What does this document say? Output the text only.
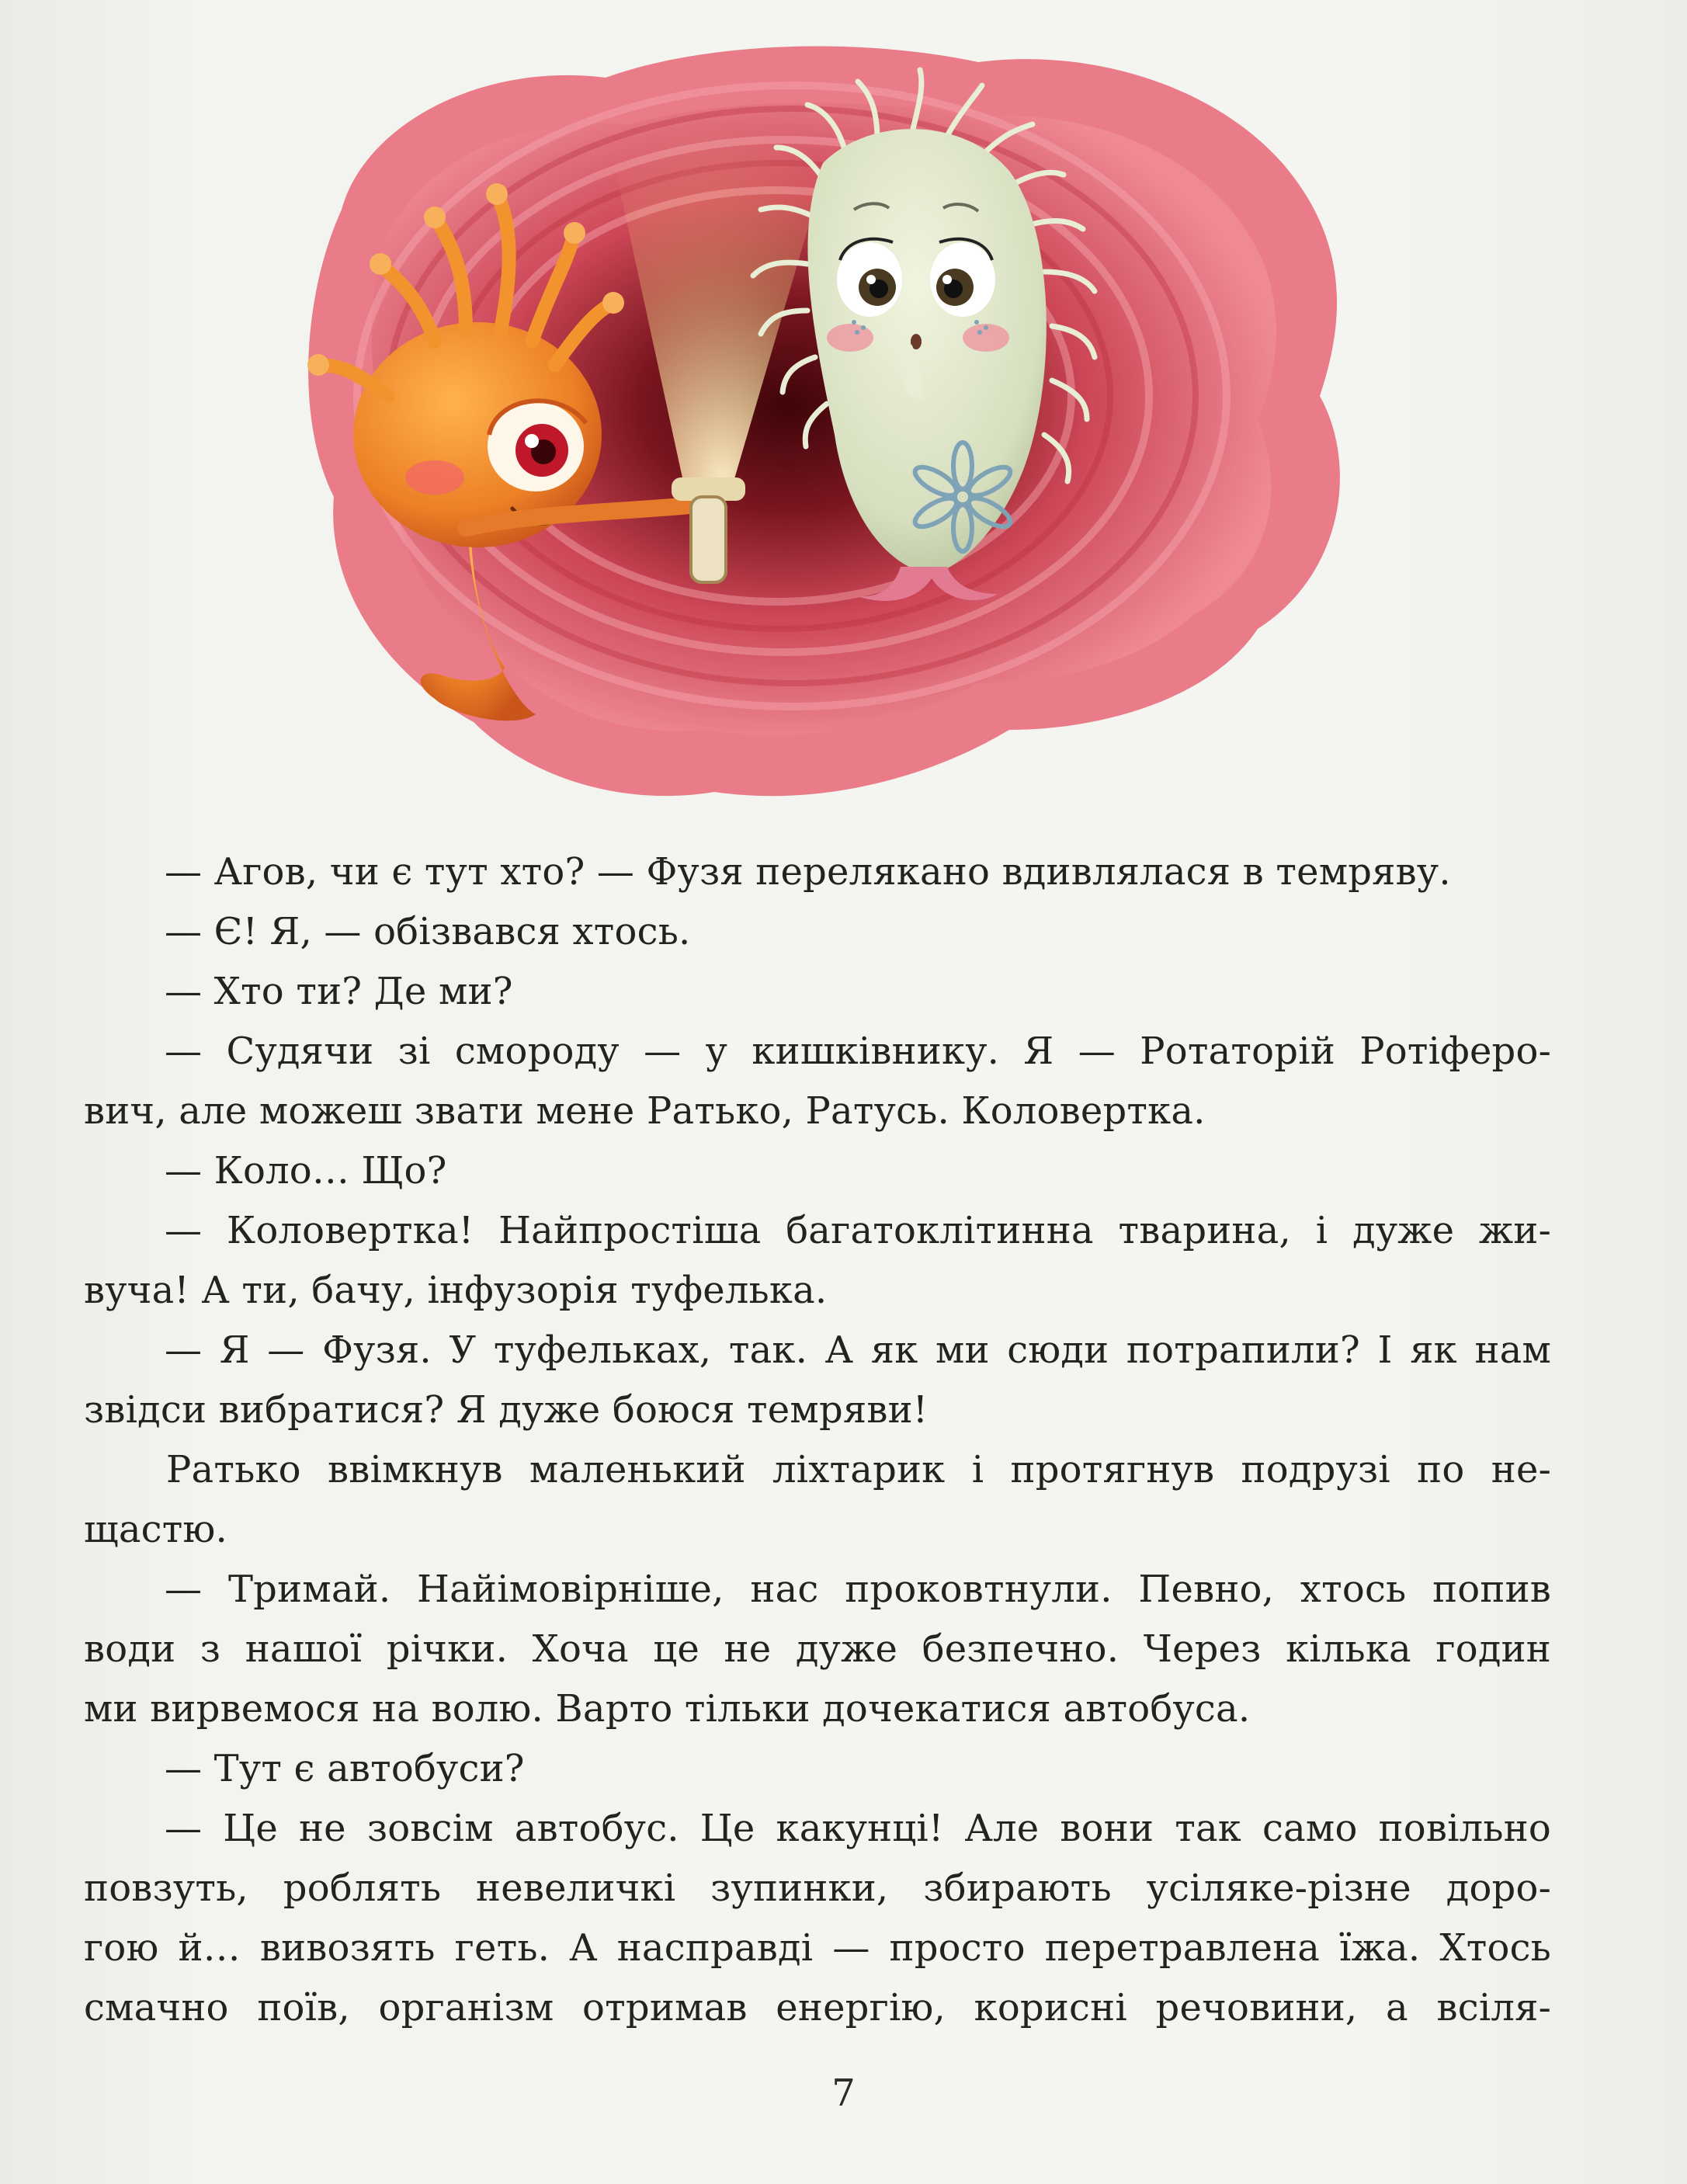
— Агов, чи є тут хто? — Фузя перелякано вдивлялася в темряву.
— Є! Я, — обізвався хтось.
— Хто ти? Де ми?
— Судячи зі смороду — у кишківнику. Я — Ротаторій Ротіферо-
вич, але можеш звати мене Ратько, Ратусь. Коловертка.
— Коло… Що?
— Коловертка! Найпростіша багатоклітинна тварина, і дуже жи-
вуча! А ти, бачу, інфузорія туфелька.
— Я — Фузя. У туфельках, так. А як ми сюди потрапили? І як нам
звідси вибратися? Я дуже боюся темряви!
Ратько ввімкнув маленький ліхтарик і протягнув подрузі по не-
щастю.
— Тримай. Найімовірніше, нас проковтнули. Певно, хтось попив
води з нашої річки. Хоча це не дуже безпечно. Через кілька годин
ми вирвемося на волю. Варто тільки дочекатися автобуса.
— Тут є автобуси?
— Це не зовсім автобус. Це какунці! Але вони так само повільно
повзуть, роблять невеличкі зупинки, збирають усіляке-різне доро-
гою й… вивозять геть. А насправді — просто перетравлена їжа. Хтось
смачно поїв, організм отримав енергію, корисні речовини, а всіля-
7
